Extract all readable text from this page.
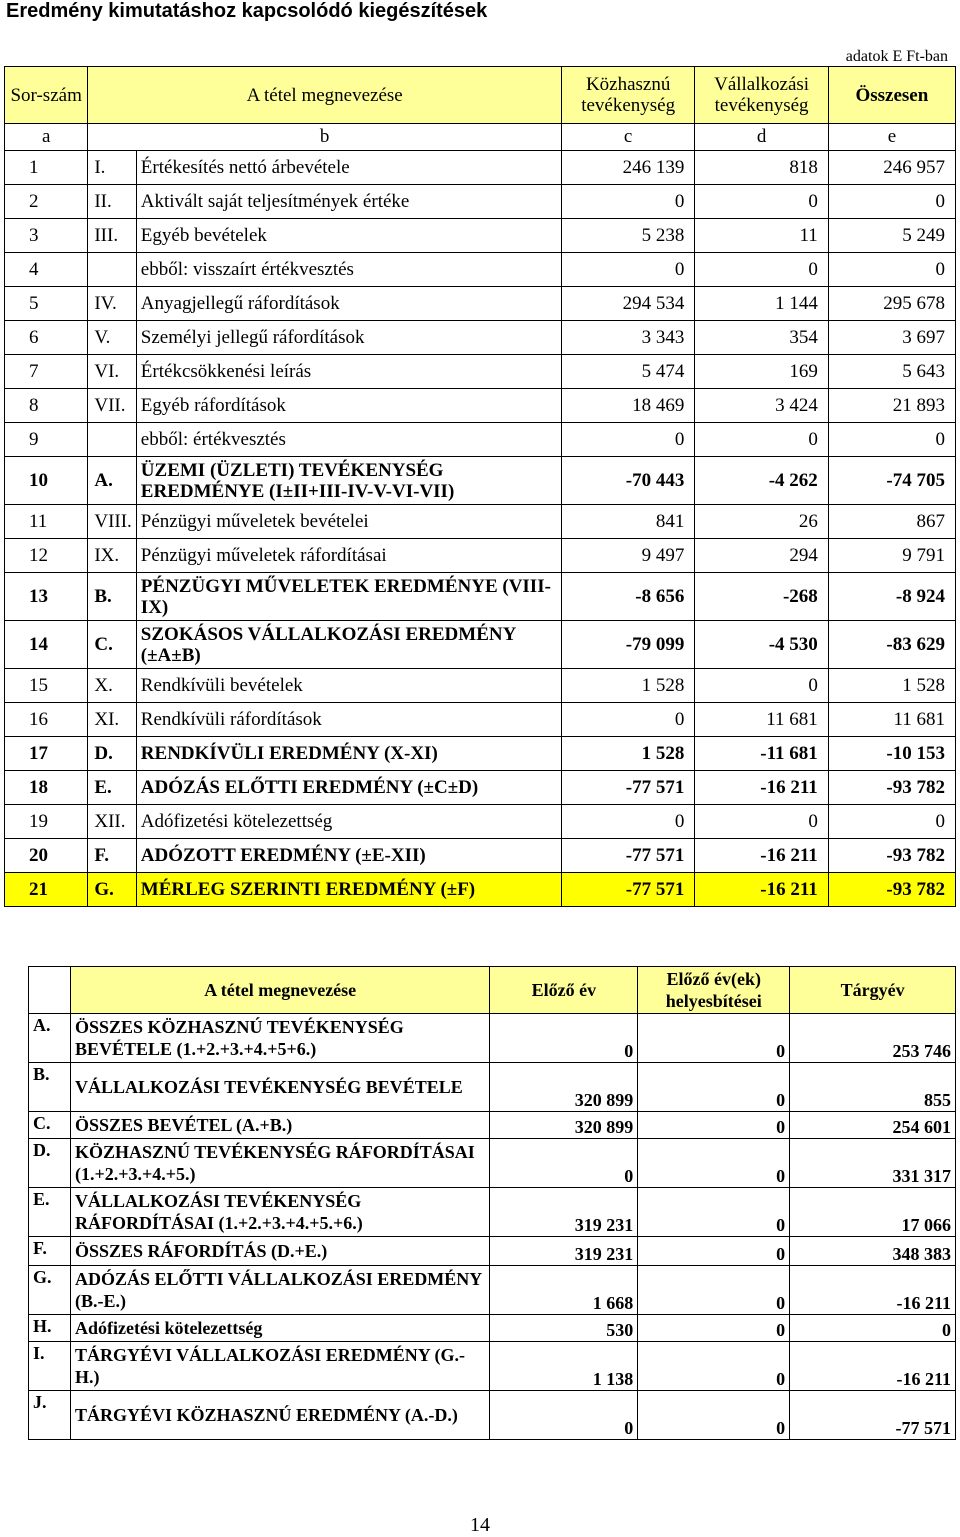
Eredmény kimutatáshoz kapcsolódó kiegészítések
adatok E Ft-ban
Sor-szám	A tétel megnevezése		Közhasznú tevékenység	Vállalkozási tevékenység	Összesen
a	b		c	d	e
1	I.	Értékesítés nettó árbevétele	246 139	818	246 957
2	II.	Aktivált saját teljesítmények értéke	0	0	0
3	III.	Egyéb bevételek	5 238	11	5 249
4		ebből: visszaírt értékvesztés	0	0	0
5	IV.	Anyagjellegű ráfordítások	294 534	1 144	295 678
6	V.	Személyi jellegű ráfordítások	3 343	354	3 697
7	VI.	Értékcsökkenési leírás	5 474	169	5 643
8	VII.	Egyéb ráfordítások	18 469	3 424	21 893
9		ebből: értékvesztés	0	0	0
10	A.	ÜZEMI (ÜZLETI) TEVÉKENYSÉG EREDMÉNYE (I±II+III-IV-V-VI-VII)	-70 443	-4 262	-74 705
11	VIII.	Pénzügyi műveletek bevételei	841	26	867
12	IX.	Pénzügyi műveletek ráfordításai	9 497	294	9 791
13	B.	PÉNZÜGYI MŰVELETEK EREDMÉNYE (VIII-IX)	-8 656	-268	-8 924
14	C.	SZOKÁSOS VÁLLALKOZÁSI EREDMÉNY (±A±B)	-79 099	-4 530	-83 629
15	X.	Rendkívüli bevételek	1 528	0	1 528
16	XI.	Rendkívüli ráfordítások	0	11 681	11 681
17	D.	RENDKÍVÜLI EREDMÉNY (X-XI)	1 528	-11 681	-10 153
18	E.	ADÓZÁS ELŐTTI EREDMÉNY (±C±D)	-77 571	-16 211	-93 782
19	XII.	Adófizetési kötelezettség	0	0	0
20	F.	ADÓZOTT EREDMÉNY (±E-XII)	-77 571	-16 211	-93 782
21	G.	MÉRLEG SZERINTI EREDMÉNY (±F)	-77 571	-16 211	-93 782
	A tétel megnevezése	Előző év	Előző év(ek) helyesbítései	Tárgyév
A.	ÖSSZES KÖZHASZNÚ TEVÉKENYSÉG BEVÉTELE (1.+2.+3.+4.+5+6.)	0	0	253 746
B.	VÁLLALKOZÁSI TEVÉKENYSÉG BEVÉTELE	320 899	0	855
C.	ÖSSZES BEVÉTEL (A.+B.)	320 899	0	254 601
D.	KÖZHASZNÚ TEVÉKENYSÉG RÁFORDÍTÁSAI (1.+2.+3.+4.+5.)	0	0	331 317
E.	VÁLLALKOZÁSI TEVÉKENYSÉG RÁFORDÍTÁSAI (1.+2.+3.+4.+5.+6.)	319 231	0	17 066
F.	ÖSSZES RÁFORDÍTÁS (D.+E.)	319 231	0	348 383
G.	ADÓZÁS ELŐTTI VÁLLALKOZÁSI EREDMÉNY (B.-E.)	1 668	0	-16 211
H.	Adófizetési kötelezettség	530	0	0
I.	TÁRGYÉVI VÁLLALKOZÁSI EREDMÉNY (G.-H.)	1 138	0	-16 211
J.	TÁRGYÉVI KÖZHASZNÚ EREDMÉNY (A.-D.)	0	0	-77 571
14
